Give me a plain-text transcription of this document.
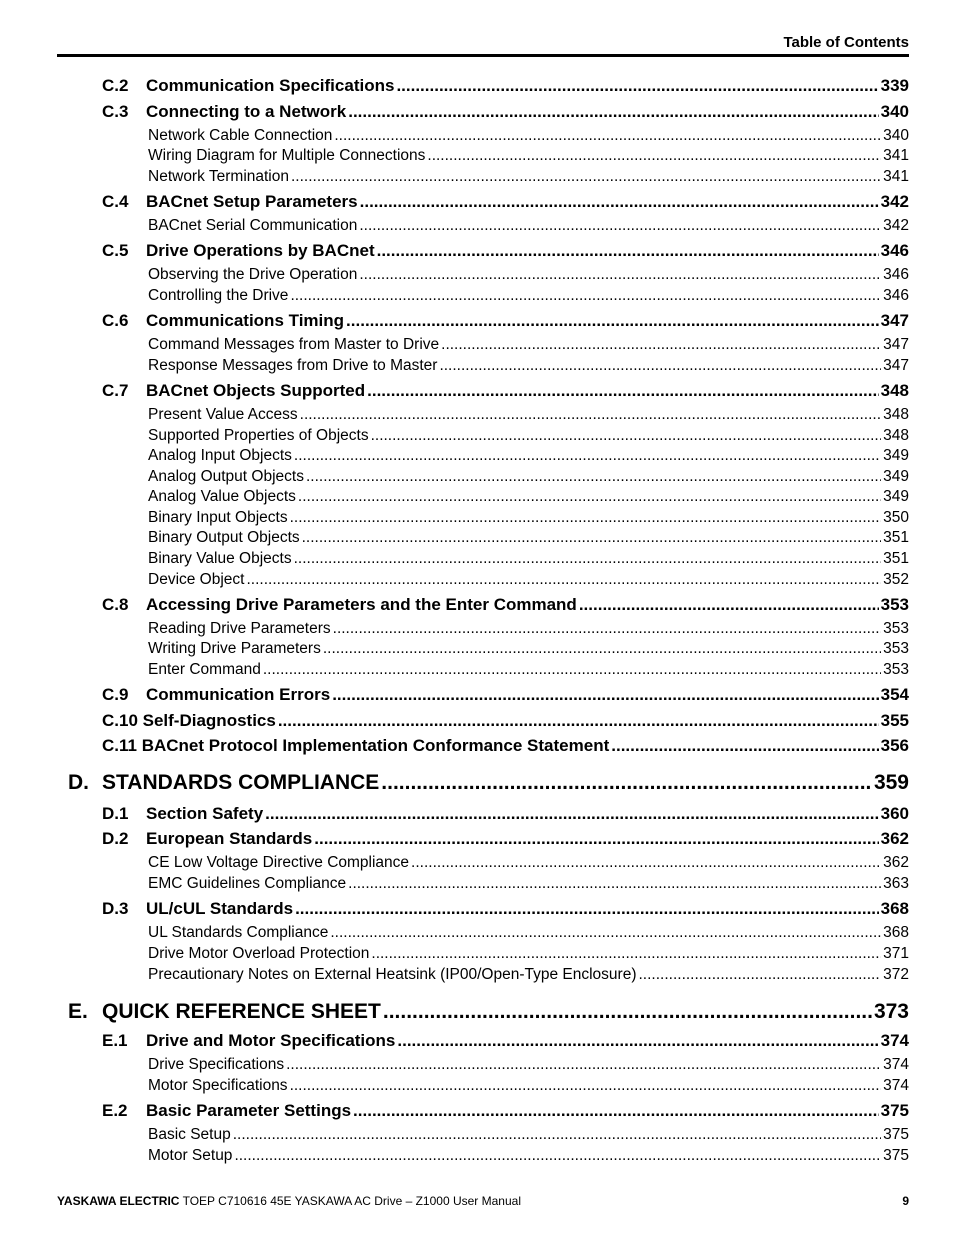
Table of Contents
C.2	Communication Specifications .....	339
C.3	Connecting to a Network .....	340
Network Cable Connection .....	340
Wiring Diagram for Multiple Connections .....	341
Network Termination .....	341
C.4	BACnet Setup Parameters .....	342
BACnet Serial Communication .....	342
C.5	Drive Operations by BACnet .....	346
Observing the Drive Operation .....	346
Controlling the Drive .....	346
C.6	Communications Timing .....	347
Command Messages from Master to Drive .....	347
Response Messages from Drive to Master .....	347
C.7	BACnet Objects Supported .....	348
Present Value Access .....	348
Supported Properties of Objects .....	348
Analog Input Objects .....	349
Analog Output Objects .....	349
Analog Value Objects .....	349
Binary Input Objects .....	350
Binary Output Objects .....	351
Binary Value Objects .....	351
Device Object .....	352
C.8	Accessing Drive Parameters and the Enter Command .....	353
Reading Drive Parameters .....	353
Writing Drive Parameters .....	353
Enter Command .....	353
C.9	Communication Errors .....	354
C.10 Self-Diagnostics .....	355
C.11 BACnet Protocol Implementation Conformance Statement .....	356
D. STANDARDS COMPLIANCE .....	359
D.1	Section Safety .....	360
D.2	European Standards .....	362
CE Low Voltage Directive Compliance .....	362
EMC Guidelines Compliance .....	363
D.3	UL/cUL Standards .....	368
UL Standards Compliance .....	368
Drive Motor Overload Protection .....	371
Precautionary Notes on External Heatsink (IP00/Open-Type Enclosure) .....	372
E. QUICK REFERENCE SHEET .....	373
E.1	Drive and Motor Specifications .....	374
Drive Specifications .....	374
Motor Specifications .....	374
E.2	Basic Parameter Settings .....	375
Basic Setup .....	375
Motor Setup .....	375
YASKAWA ELECTRIC TOEP C710616 45E YASKAWA AC Drive – Z1000 User Manual	9
